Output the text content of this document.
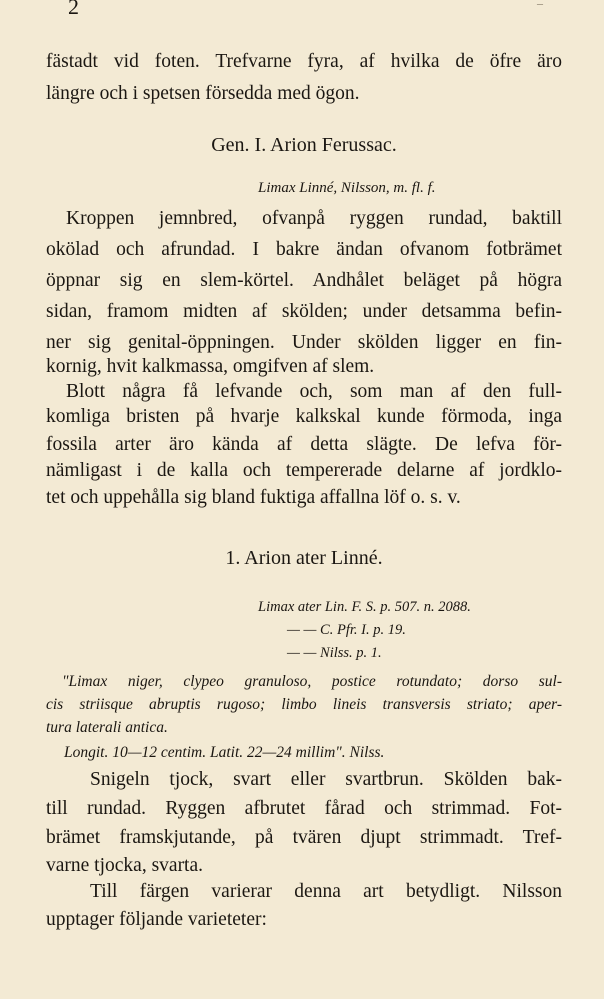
2	–
fästadt vid foten. Trefvarne fyra, af hvilka de öfre äro
längre och i spetsen försedda med ögon.
Gen. I. Arion Ferussac.
Limax Linné, Nilsson, m. fl. f.
Kroppen jemnbred, ofvanpå ryggen rundad, baktill
okölad och afrundad. I bakre ändan ofvanom fotbrämet
öppnar sig en slem-körtel. Andhålet beläget på högra
sidan, framom midten af skölden; under detsamma befin-
ner sig genital-öppningen. Under skölden ligger en fin-
kornig, hvit kalkmassa, omgifven af slem.
Blott några få lefvande och, som man af den full-
komliga bristen på hvarje kalkskal kunde förmoda, inga
fossila arter äro kända af detta slägte. De lefva för-
nämligast i de kalla och tempererade delarne af jordklo-
tet och uppehålla sig bland fuktiga affallna löf o. s. v.
1. Arion ater Linné.
Limax ater Lin. F. S. p. 507. n. 2088.
— — C. Pfr. I. p. 19.
— — Nilss. p. 1.
"Limax niger, clypeo granuloso, postice rotundato; dorso sul-
cis striisque abruptis rugoso; limbo lineis transversis striato; aper-
tura laterali antica.
Longit. 10—12 centim. Latit. 22—24 millim". Nilss.
Snigeln tjock, svart eller svartbrun. Skölden bak-
till rundad. Ryggen afbrutet fårad och strimmad. Fot-
brämet framskjutande, på tvären djupt strimmadt. Tref-
varne tjocka, svarta.
Till färgen varierar denna art betydligt. Nilsson
upptager följande varieteter:
